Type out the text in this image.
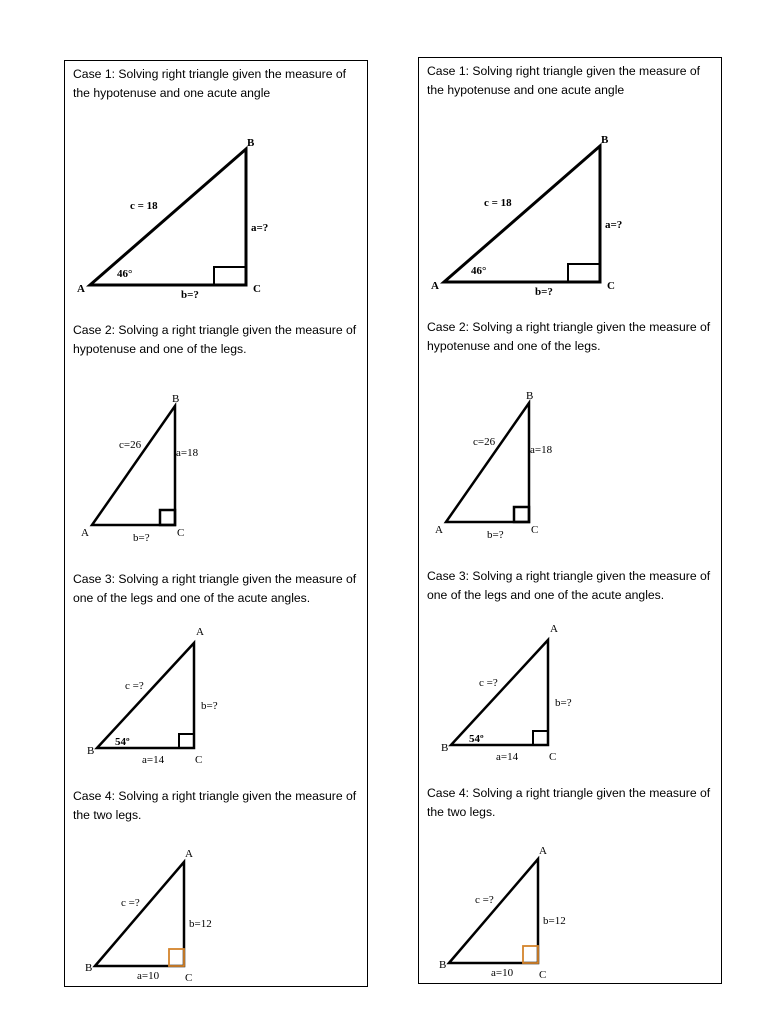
Case 1: Solving right triangle given the measure of the hypotenuse and one acute angle
B
A	C
c = 18
a=?
b=?
46°
Case 2: Solving a right triangle given the measure of hypotenuse and one of the legs.
B
A	C
c=26
a=18
b=?
Case 3: Solving a right triangle given the measure of one of the legs and one of the acute angles.
A
B
C
c =?
b=?
a=14
54º
Case 4: Solving a right triangle given the measure of the two legs.
A
B
C
c =?
b=12
a=10
Case 1: Solving right triangle given the measure of the hypotenuse and one acute angle
B
A	C
c = 18
a=?
b=?
46°
Case 2: Solving a right triangle given the measure of hypotenuse and one of the legs.
B
A	C
c=26
a=18
b=?
Case 3: Solving a right triangle given the measure of one of the legs and one of the acute angles.
A
B
C
c =?
b=?
a=14
54º
Case 4: Solving a right triangle given the measure of the two legs.
A
B
C
c =?
b=12
a=10
